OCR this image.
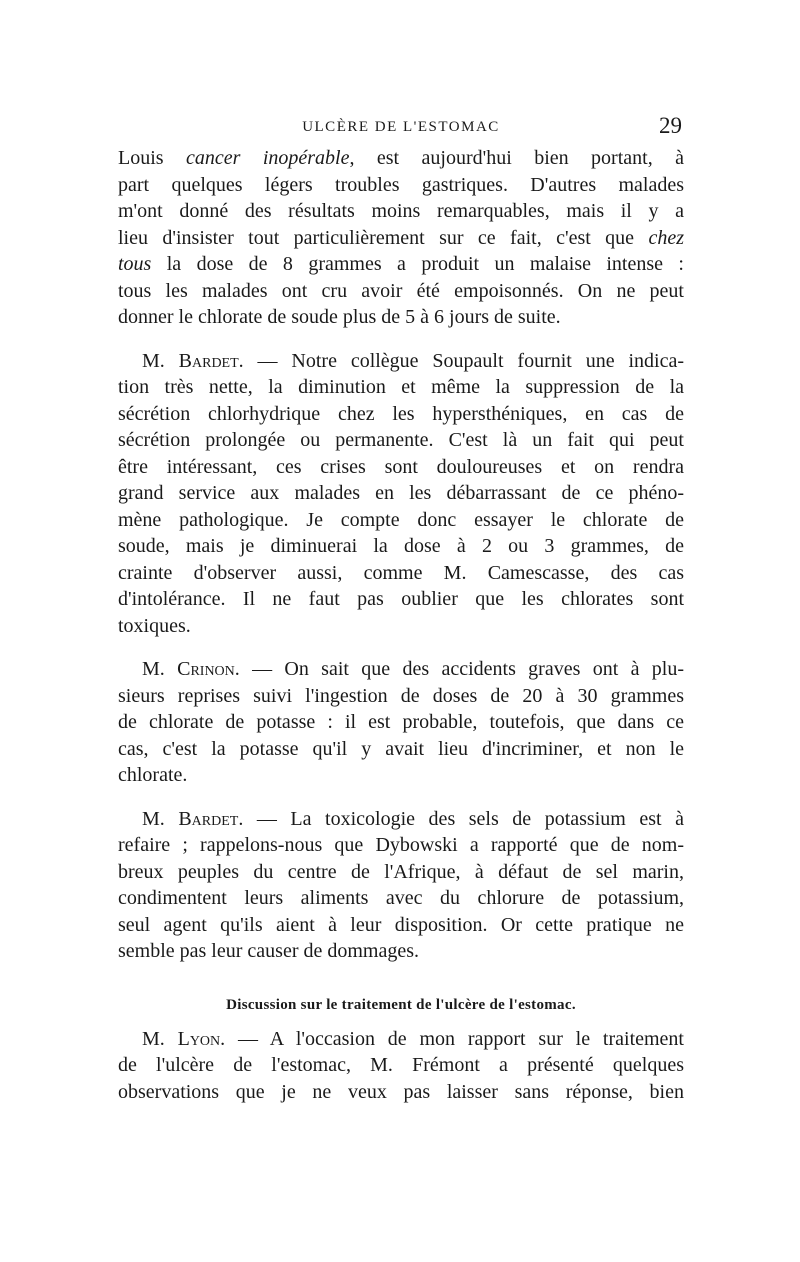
ULCÈRE DE L'ESTOMAC	29
Louis cancer inopérable, est aujourd'hui bien portant, à
part quelques légers troubles gastriques. D'autres malades
m'ont donné des résultats moins remarquables, mais il y a
lieu d'insister tout particulièrement sur ce fait, c'est que chez
tous la dose de 8 grammes a produit un malaise intense :
tous les malades ont cru avoir été empoisonnés. On ne peut
donner le chlorate de soude plus de 5 à 6 jours de suite.
M. Bardet. — Notre collègue Soupault fournit une indica-
tion très nette, la diminution et même la suppression de la
sécrétion chlorhydrique chez les hypersthéniques, en cas de
sécrétion prolongée ou permanente. C'est là un fait qui peut
être intéressant, ces crises sont douloureuses et on rendra
grand service aux malades en les débarrassant de ce phéno-
mène pathologique. Je compte donc essayer le chlorate de
soude, mais je diminuerai la dose à 2 ou 3 grammes, de
crainte d'observer aussi, comme M. Camescasse, des cas
d'intolérance. Il ne faut pas oublier que les chlorates sont
toxiques.
M. Crinon. — On sait que des accidents graves ont à plu-
sieurs reprises suivi l'ingestion de doses de 20 à 30 grammes
de chlorate de potasse : il est probable, toutefois, que dans ce
cas, c'est la potasse qu'il y avait lieu d'incriminer, et non le
chlorate.
M. Bardet. — La toxicologie des sels de potassium est à
refaire ; rappelons-nous que Dybowski a rapporté que de nom-
breux peuples du centre de l'Afrique, à défaut de sel marin,
condimentent leurs aliments avec du chlorure de potassium,
seul agent qu'ils aient à leur disposition. Or cette pratique ne
semble pas leur causer de dommages.
Discussion sur le traitement de l'ulcère de l'estomac.
M. Lyon. — A l'occasion de mon rapport sur le traitement
de l'ulcère de l'estomac, M. Frémont a présenté quelques
observations que je ne veux pas laisser sans réponse, bien
